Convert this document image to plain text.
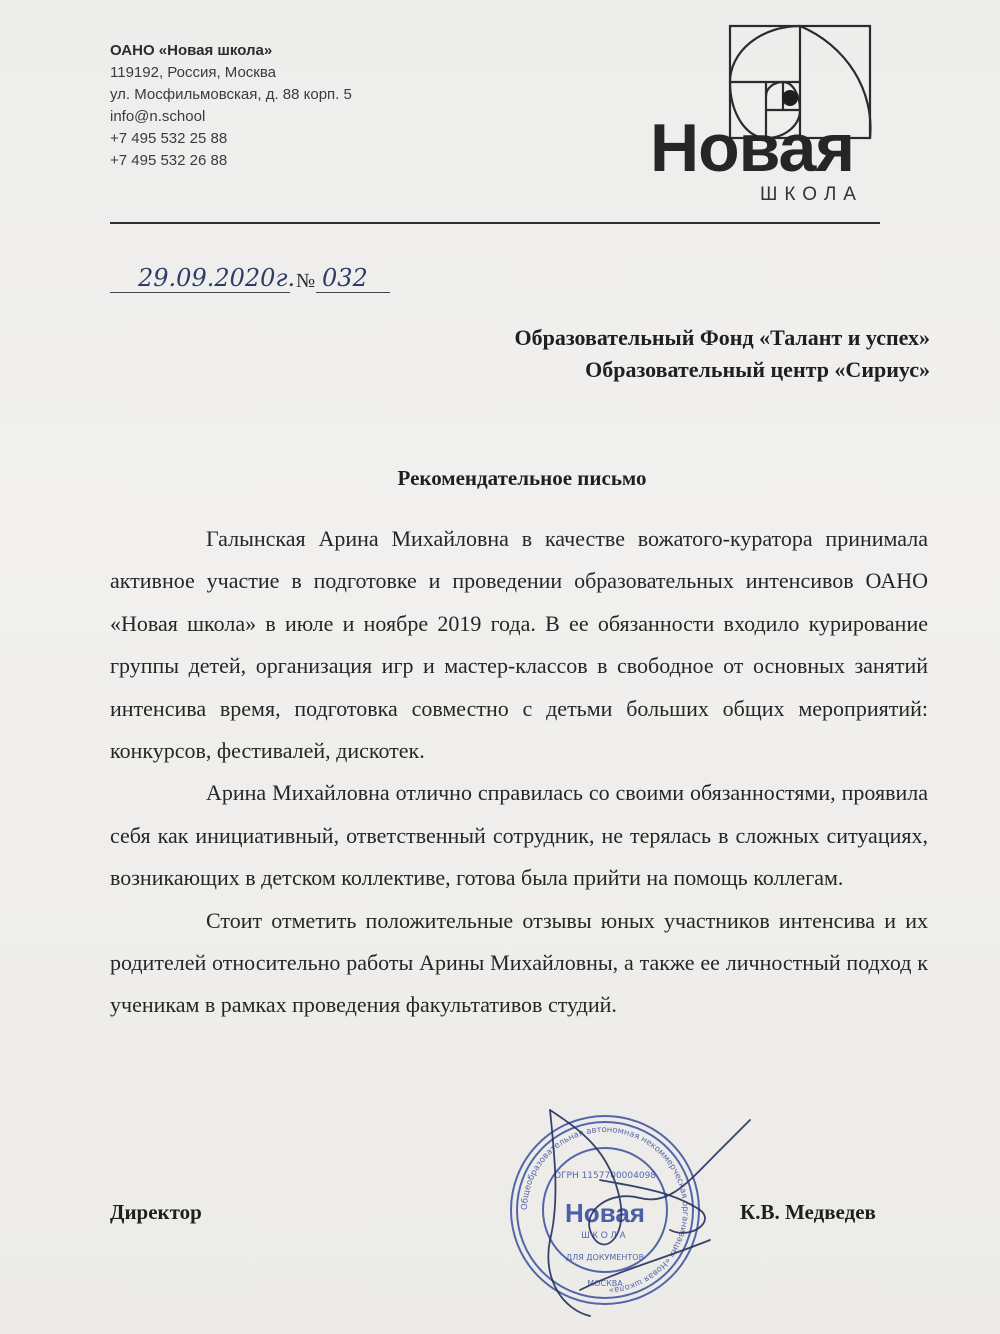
ОАНО «Новая школа»
119192, Россия, Москва
ул. Мосфильмовская, д. 88 корп. 5
info@n.school
+7 495 532 25 88
+7 495 532 26 88	Новая
ШКОЛА
29.09.2020г. № 032
Образовательный Фонд «Талант и успех»
Образовательный центр «Сириус»
Рекомендательное письмо

Галынская Арина Михайловна в качестве вожатого-куратора принимала активное участие в подготовке и проведении образовательных интенсивов ОАНО «Новая школа» в июле и ноябре 2019 года. В ее обязанности входило курирование группы детей, организация игр и мастер-классов в свободное от основных занятий интенсива время, подготовка совместно с детьми больших общих мероприятий: конкурсов, фестивалей, дискотек.

Арина Михайловна отлично справилась со своими обязанностями, проявила себя как инициативный, ответственный сотрудник, не терялась в сложных ситуациях, возникающих в детском коллективе, готова была прийти на помощь коллегам.

Стоит отметить положительные отзывы юных участников интенсива и их родителей относительно работы Арины Михайловны, а также ее личностный подход к ученикам в рамках проведения факультативов студий.

Директор	К.В. Медведев
Общеобразовательная автономная некоммерческая организация «Новая школа»
ОГРН 1157700004098
Новая
ШКОЛА
ДЛЯ ДОКУМЕНТОВ
МОСКВА
